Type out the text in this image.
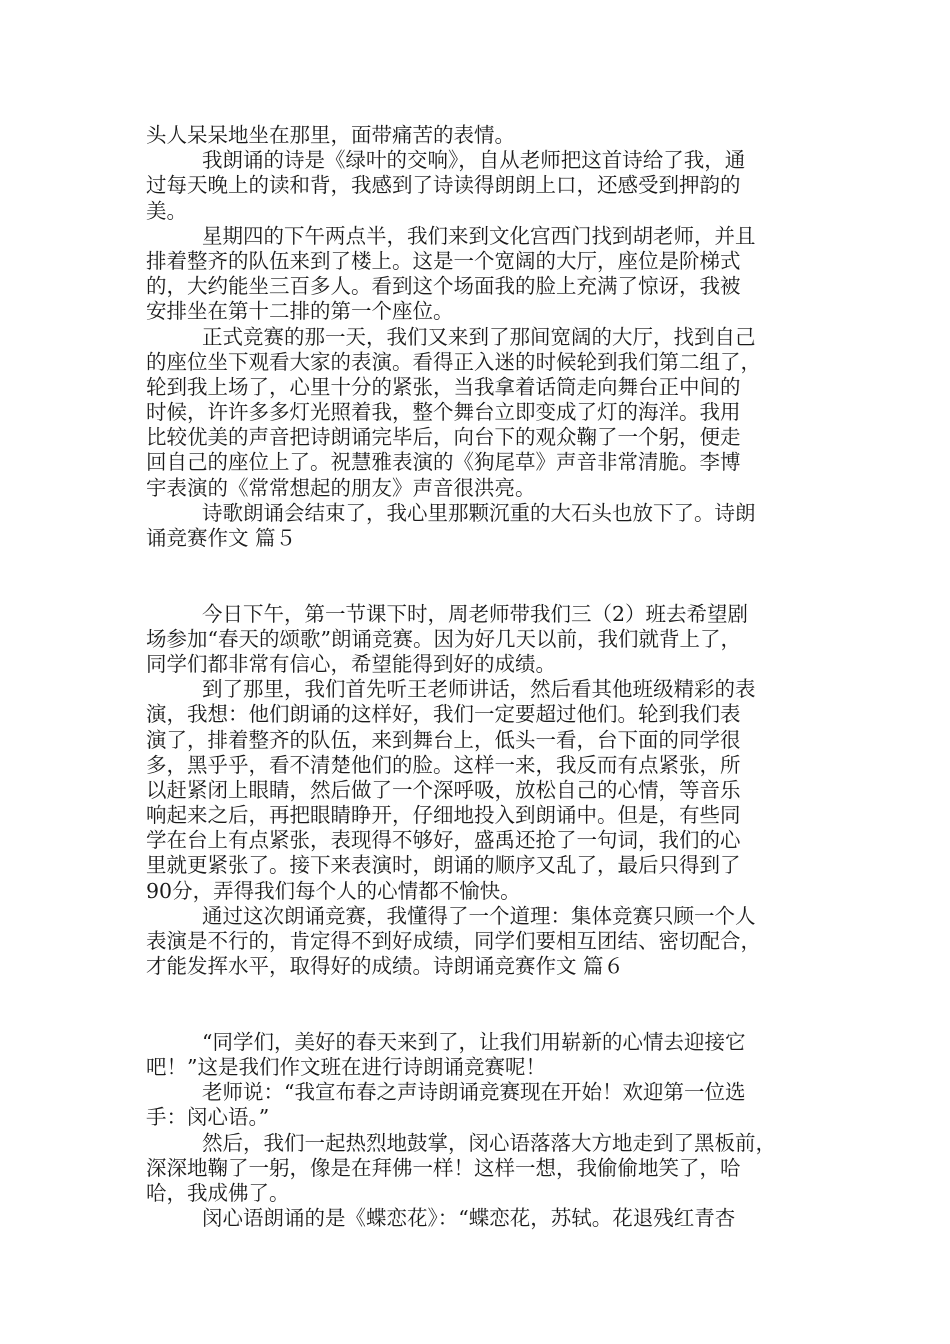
头人呆呆地坐在那里，面带痛苦的表情。
我朗诵的诗是《绿叶的交响》，自从老师把这首诗给了我，通
过每天晚上的读和背，我感到了诗读得朗朗上口，还感受到押韵的
美。
星期四的下午两点半，我们来到文化宫西门找到胡老师，并且
排着整齐的队伍来到了楼上。这是一个宽阔的大厅，座位是阶梯式
的，大约能坐三百多人。看到这个场面我的脸上充满了惊讶，我被
安排坐在第十二排的第一个座位。
正式竞赛的那一天，我们又来到了那间宽阔的大厅，找到自己
的座位坐下观看大家的表演。看得正入迷的时候轮到我们第二组了，
轮到我上场了，心里十分的紧张，当我拿着话筒走向舞台正中间的
时候，许许多多灯光照着我，整个舞台立即变成了灯的海洋。我用
比较优美的声音把诗朗诵完毕后，向台下的观众鞠了一个躬，便走
回自己的座位上了。祝慧雅表演的《狗尾草》声音非常清脆。李博
宇表演的《常常想起的朋友》声音很洪亮。
诗歌朗诵会结束了，我心里那颗沉重的大石头也放下了。诗朗
诵竞赛作文 篇５
今日下午，第一节课下时，周老师带我们三（2）班去希望剧
场参加“春天的颂歌”朗诵竞赛。因为好几天以前，我们就背上了，
同学们都非常有信心，希望能得到好的成绩。
到了那里，我们首先听王老师讲话，然后看其他班级精彩的表
演，我想：他们朗诵的这样好，我们一定要超过他们。轮到我们表
演了，排着整齐的队伍，来到舞台上，低头一看，台下面的同学很
多，黑乎乎，看不清楚他们的脸。这样一来，我反而有点紧张，所
以赶紧闭上眼睛，然后做了一个深呼吸，放松自己的心情，等音乐
响起来之后，再把眼睛睁开，仔细地投入到朗诵中。但是，有些同
学在台上有点紧张，表现得不够好，盛禹还抢了一句词，我们的心
里就更紧张了。接下来表演时，朗诵的顺序又乱了，最后只得到了
90分，弄得我们每个人的心情都不愉快。
通过这次朗诵竞赛，我懂得了一个道理：集体竞赛只顾一个人
表演是不行的，肯定得不到好成绩，同学们要相互团结、密切配合，
才能发挥水平，取得好的成绩。诗朗诵竞赛作文 篇６
“同学们，美好的春天来到了，让我们用崭新的心情去迎接它
吧！”这是我们作文班在进行诗朗诵竞赛呢！
老师说：“我宣布春之声诗朗诵竞赛现在开始！欢迎第一位选
手：闵心语。”
然后，我们一起热烈地鼓掌，闵心语落落大方地走到了黑板前，
深深地鞠了一躬，像是在拜佛一样！这样一想，我偷偷地笑了，哈
哈，我成佛了。
闵心语朗诵的是《蝶恋花》：“蝶恋花，苏轼。花退残红青杏
